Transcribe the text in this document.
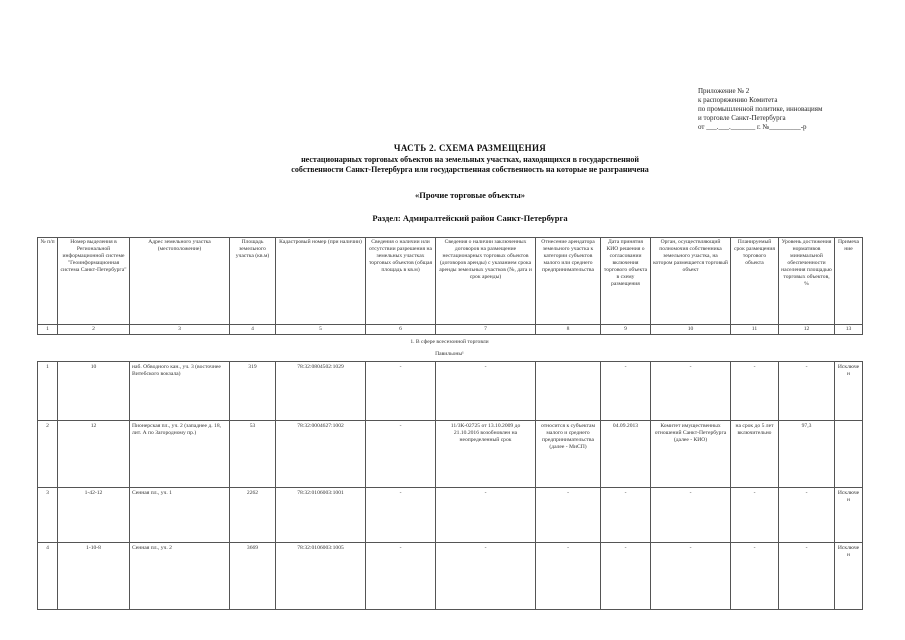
Приложение № 2
к распоряжению Комитета
по промышленной политике, инновациям
и торговле Санкт-Петербурга
от ___.___._______ г. №_________-р
ЧАСТЬ 2. СХЕМА РАЗМЕЩЕНИЯ
нестационарных торговых объектов на земельных участках, находящихся в государственной
собственности Санкт-Петербурга или государственная собственность на которые не разграничена
«Прочие торговые объекты»
Раздел: Адмиралтейский район Санкт-Петербурга
№ п/п	Номер выделения в Региональной информационной системе "Геоинформационная система Санкт-Петербурга"	Адрес земельного участка (местоположение)	Площадь земельного участка (кв.м)	Кадастровый номер (при наличии)	Сведения о наличии или отсутствии разрешения на земельных участках торговых объектов (общая площадь в кв.м)	Сведения о наличии заключенных договоров на размещение нестационарных торговых объектов (договоров аренды) с указанием срока аренды земельных участков (№, дата и срок аренды)	Отнесение арендатора земельного участка к категории субъектов малого или среднего предпринимательства	Дата принятия КИО решения о согласовании включения торгового объекта в схему размещения	Орган, осуществляющий полномочия собственника земельного участка, на котором размещается торговый объект	Планируемый срок размещения торгового объекта	Уровень достижения нормативов минимальной обеспеченности населения площадью торговых объектов, %	Примечание
1	2	3	4	5	6	7	8	9	10	11	12	13
1. В сфере всесезонной торговли
Павильоны¹
1	10	наб. Обводного кан., уч. 3 (восточнее Витебского вокзала)	319	78:32:0804502:1029	-	-		-	-	-	-	Исключен
2	12	Пионерская пл., уч. 2 (западнее д. 18, лит. А по Загородному пр.)	53	78:32:0004627:1002	-	11/ЗК-02725 от 13.10.2009 до 21.10.2016 возобновлен на неопределенный срок	относится к субъектам малого и среднего предпринимательства (далее - МиСП)	04.09.2013	Комитет имущественных отношений Санкт-Петербурга (далее - КИО)	на срок до 5 лет включительно	97,3	
3	1-42-12	Сенная пл., уч. 1	2262	78:32:0106003:1001	-	-	-	-	-	-	-	Исключен
4	1-10-8	Сенная пл., уч. 2	3669	78:32:0106003:1005	-	-	-	-	-	-	-	Исключен
